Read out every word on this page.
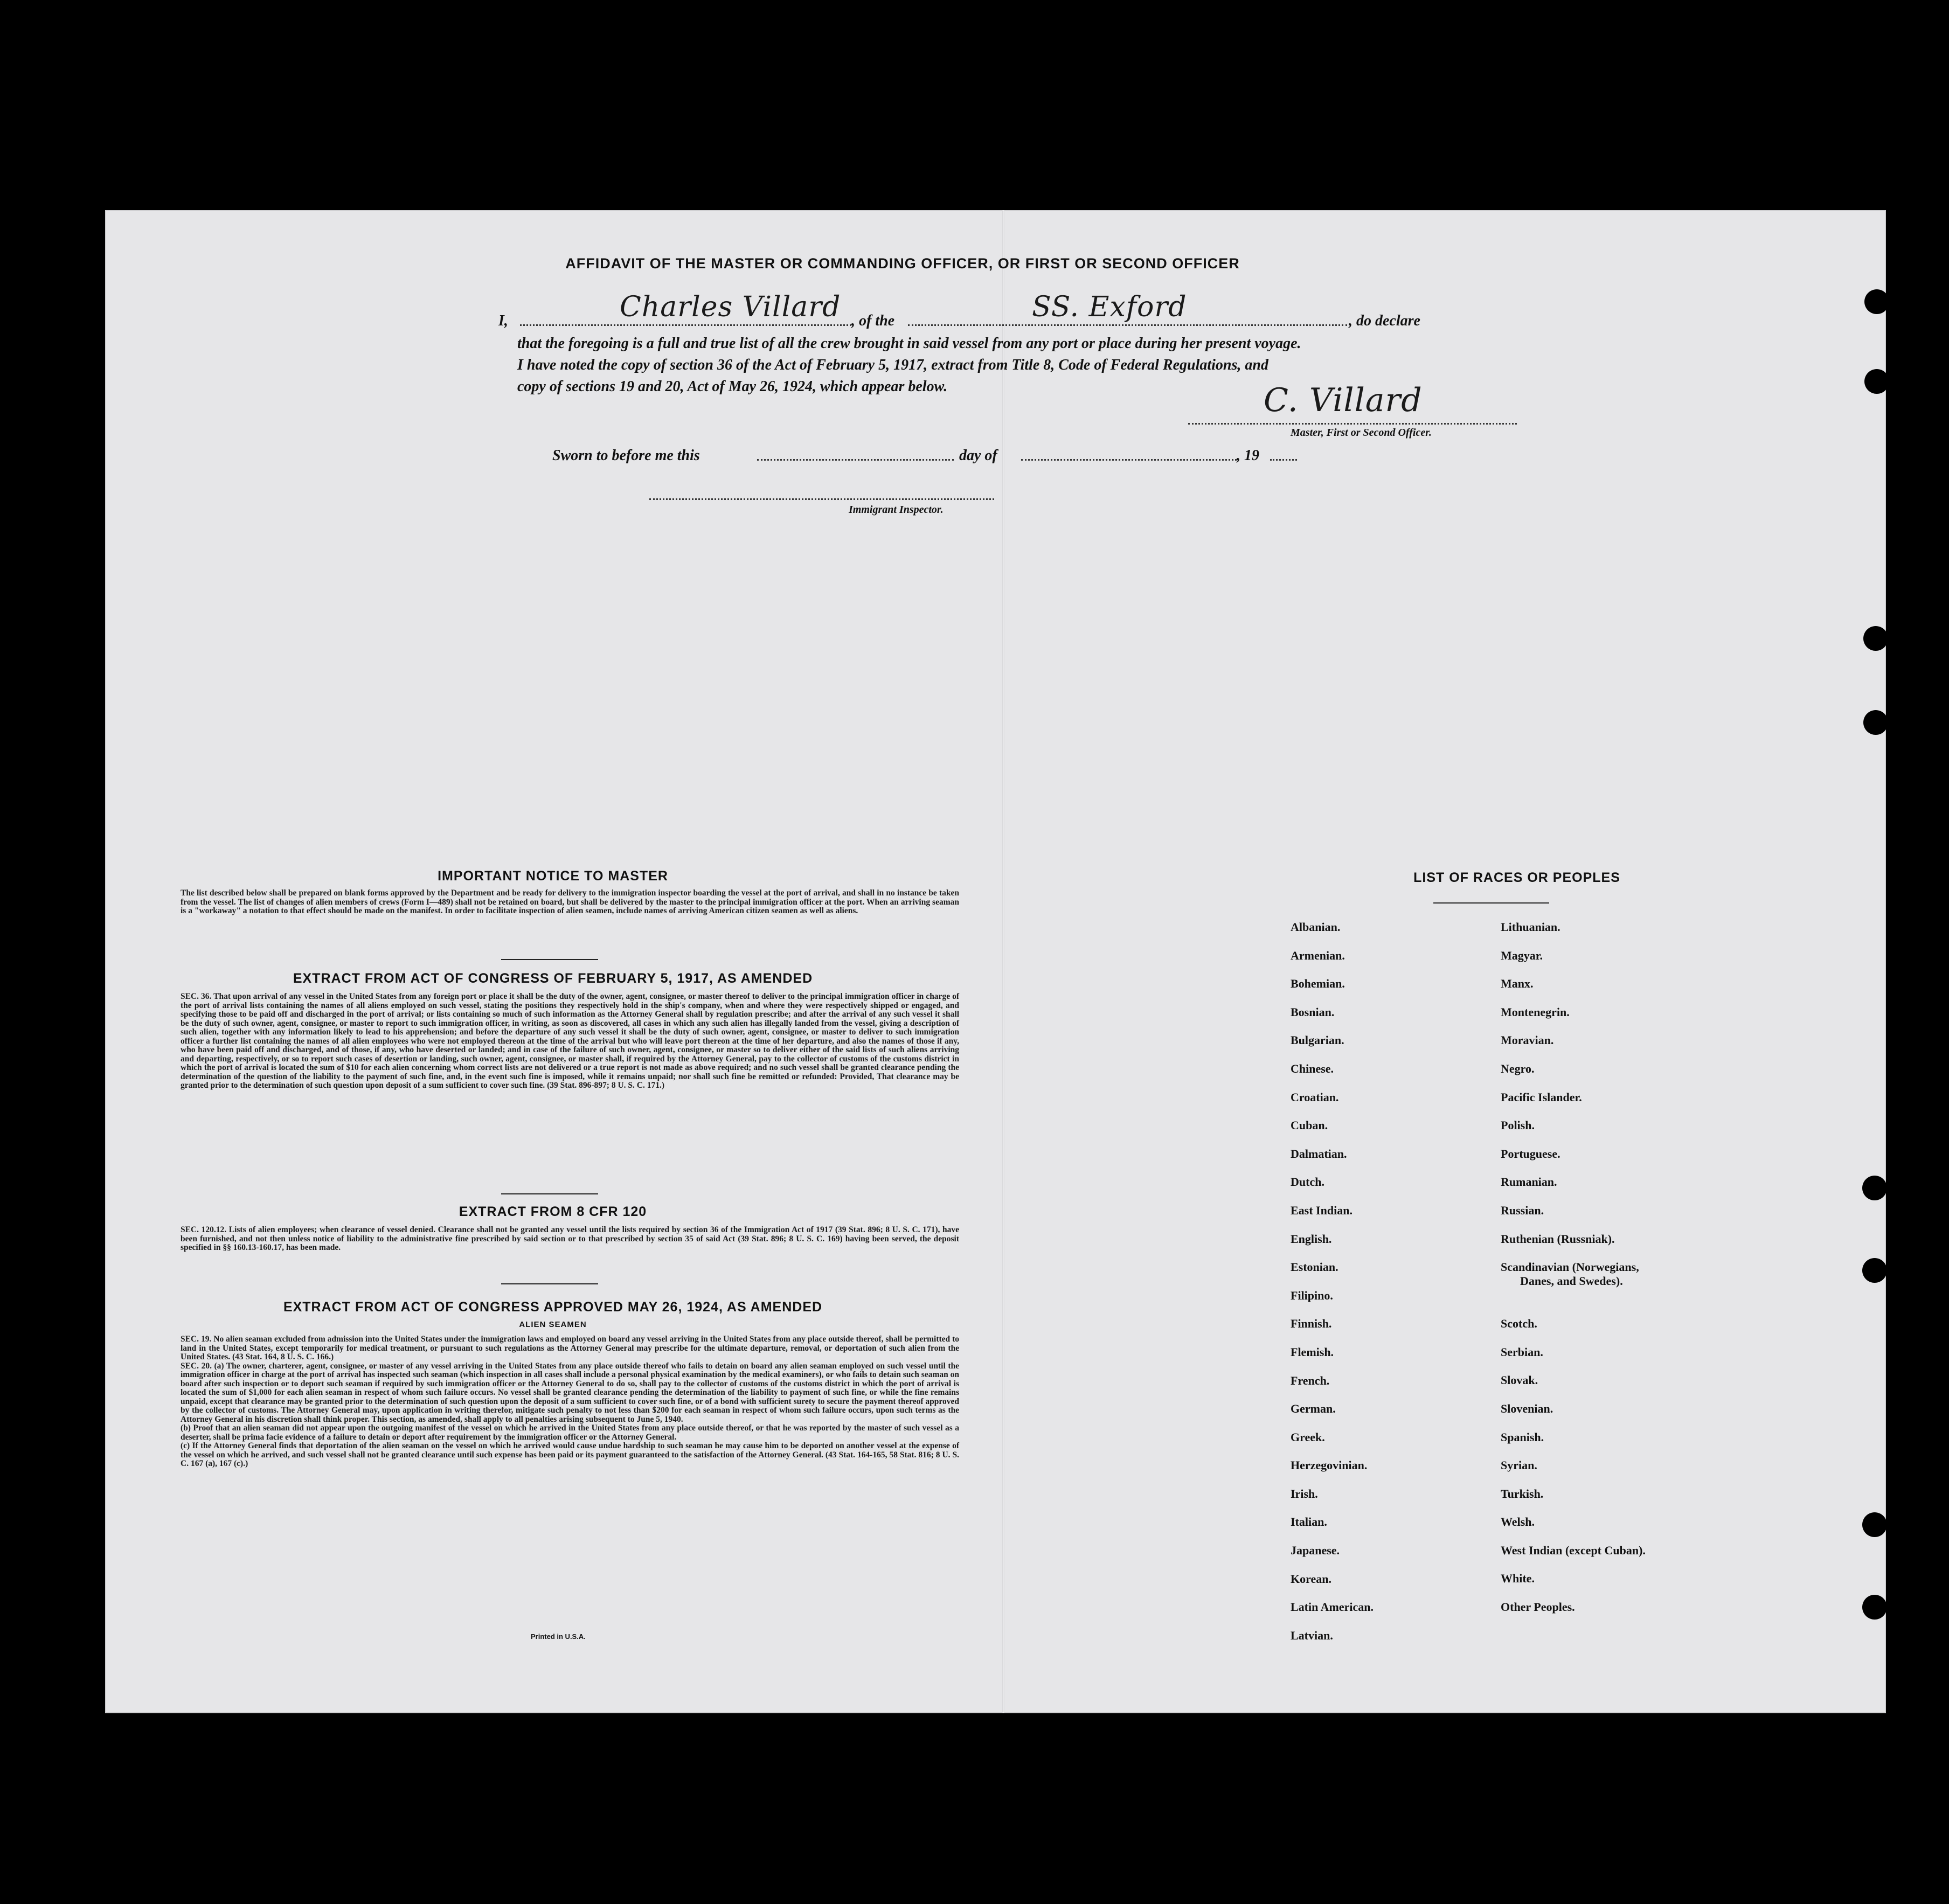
AFFIDAVIT OF THE MASTER OR COMMANDING OFFICER, OR FIRST OR SECOND OFFICER
I,	Charles Villard , of the	SS. Exford	, do declare
that the foregoing is a full and true list of all the crew brought in said vessel from any port or place during her present voyage.
I have noted the copy of section 36 of the Act of February 5, 1917, extract from Title 8, Code of Federal Regulations, and
copy of sections 19 and 20, Act of May 26, 1924, which appear below.	C. Villard
Master, First or Second Officer.
Sworn to before me this	day of	, 19
Immigrant Inspector.
IMPORTANT NOTICE TO MASTER
The list described below shall be prepared on blank forms approved by the Department and be ready for delivery to the immigration inspector boarding the vessel at the port of arrival, and shall in no instance be taken from the vessel. The list of changes of alien members of crews (Form I—489) shall not be retained on board, but shall be delivered by the master to the principal immigration officer at the port. When an arriving seaman is a "workaway" a notation to that effect should be made on the manifest. In order to facilitate inspection of alien seamen, include names of arriving American citizen seamen as well as aliens.
EXTRACT FROM ACT OF CONGRESS OF FEBRUARY 5, 1917, AS AMENDED
SEC. 36. That upon arrival of any vessel in the United States from any foreign port or place it shall be the duty of the owner, agent, consignee, or master thereof to deliver to the principal immigration officer in charge of the port of arrival lists containing the names of all aliens employed on such vessel, stating the positions they respectively hold in the ship's company, when and where they were respectively shipped or engaged, and specifying those to be paid off and discharged in the port of arrival; or lists containing so much of such information as the Attorney General shall by regulation prescribe; and after the arrival of any such vessel it shall be the duty of such owner, agent, consignee, or master to report to such immigration officer, in writing, as soon as discovered, all cases in which any such alien has illegally landed from the vessel, giving a description of such alien, together with any information likely to lead to his apprehension; and before the departure of any such vessel it shall be the duty of such owner, agent, consignee, or master to deliver to such immigration officer a further list containing the names of all alien employees who were not employed thereon at the time of the arrival but who will leave port thereon at the time of her departure, and also the names of those if any, who have been paid off and discharged, and of those, if any, who have deserted or landed; and in case of the failure of such owner, agent, consignee, or master so to deliver either of the said lists of such aliens arriving and departing, respectively, or so to report such cases of desertion or landing, such owner, agent, consignee, or master shall, if required by the Attorney General, pay to the collector of customs of the customs district in which the port of arrival is located the sum of $10 for each alien concerning whom correct lists are not delivered or a true report is not made as above required; and no such vessel shall be granted clearance pending the determination of the question of the liability to the payment of such fine, and, in the event such fine is imposed, while it remains unpaid; nor shall such fine be remitted or refunded: Provided, That clearance may be granted prior to the determination of such question upon deposit of a sum sufficient to cover such fine. (39 Stat. 896-897; 8 U. S. C. 171.)
EXTRACT FROM 8 CFR 120
SEC. 120.12. Lists of alien employees; when clearance of vessel denied. Clearance shall not be granted any vessel until the lists required by section 36 of the Immigration Act of 1917 (39 Stat. 896; 8 U. S. C. 171), have been furnished, and not then unless notice of liability to the administrative fine prescribed by said section or to that prescribed by section 35 of said Act (39 Stat. 896; 8 U. S. C. 169) having been served, the deposit specified in §§ 160.13-160.17, has been made.
EXTRACT FROM ACT OF CONGRESS APPROVED MAY 26, 1924, AS AMENDED
ALIEN SEAMEN
SEC. 19. No alien seaman excluded from admission into the United States under the immigration laws and employed on board any vessel arriving in the United States from any place outside thereof, shall be permitted to land in the United States, except temporarily for medical treatment, or pursuant to such regulations as the Attorney General may prescribe for the ultimate departure, removal, or deportation of such alien from the United States. (43 Stat. 164, 8 U. S. C. 166.)
SEC. 20. (a) The owner, charterer, agent, consignee, or master of any vessel arriving in the United States from any place outside thereof who fails to detain on board any alien seaman employed on such vessel until the immigration officer in charge at the port of arrival has inspected such seaman (which inspection in all cases shall include a personal physical examination by the medical examiners), or who fails to detain such seaman on board after such inspection or to deport such seaman if required by such immigration officer or the Attorney General to do so, shall pay to the collector of customs of the customs district in which the port of arrival is located the sum of $1,000 for each alien seaman in respect of whom such failure occurs. No vessel shall be granted clearance pending the determination of the liability to payment of such fine, or while the fine remains unpaid, except that clearance may be granted prior to the determination of such question upon the deposit of a sum sufficient to cover such fine, or of a bond with sufficient surety to secure the payment thereof approved by the collector of customs. The Attorney General may, upon application in writing therefor, mitigate such penalty to not less than $200 for each seaman in respect of whom such failure occurs, upon such terms as the Attorney General in his discretion shall think proper. This section, as amended, shall apply to all penalties arising subsequent to June 5, 1940.
(b) Proof that an alien seaman did not appear upon the outgoing manifest of the vessel on which he arrived in the United States from any place outside thereof, or that he was reported by the master of such vessel as a deserter, shall be prima facie evidence of a failure to detain or deport after requirement by the immigration officer or the Attorney General.
(c) If the Attorney General finds that deportation of the alien seaman on the vessel on which he arrived would cause undue hardship to such seaman he may cause him to be deported on another vessel at the expense of the vessel on which he arrived, and such vessel shall not be granted clearance until such expense has been paid or its payment guaranteed to the satisfaction of the Attorney General. (43 Stat. 164-165, 58 Stat. 816; 8 U. S. C. 167 (a), 167 (c).)
Printed in U.S.A.
LIST OF RACES OR PEOPLES
Albanian.
Armenian.
Bohemian.
Bosnian.
Bulgarian.
Chinese.
Croatian.
Cuban.
Dalmatian.
Dutch.
East Indian.
English.
Estonian.
Filipino.
Finnish.
Flemish.
French.
German.
Greek.
Herzegovinian.
Irish.
Italian.
Japanese.
Korean.
Latin American.
Latvian.
Lithuanian.
Magyar.
Manx.
Montenegrin.
Moravian.
Negro.
Pacific Islander.
Polish.
Portuguese.
Rumanian.
Russian.
Ruthenian (Russniak).
Scandinavian (Norwegians,
Danes, and Swedes).
Scotch.
Serbian.
Slovak.
Slovenian.
Spanish.
Syrian.
Turkish.
Welsh.
West Indian (except Cuban).
White.
Other Peoples.
